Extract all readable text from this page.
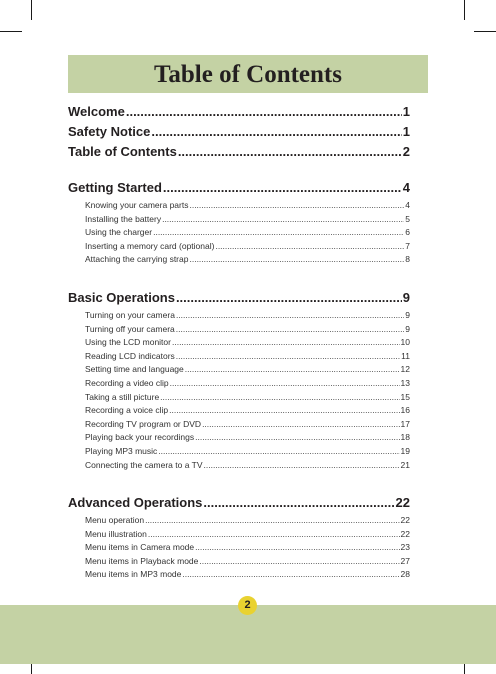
Table of Contents
Welcome .....	1
Safety Notice .....	1
Table of Contents .....	2
Getting Started .....	4
Knowing your camera parts .....	4
Installing the battery .....	5
Using the charger .....	6
Inserting a memory card (optional) .....	7
Attaching the carrying strap .....	8
Basic Operations .....	9
Turning on your camera .....	9
Turning off your camera .....	9
Using the LCD monitor .....	10
Reading LCD indicators .....	11
Setting time and language .....	12
Recording a video clip .....	13
Taking a still picture .....	15
Recording a voice clip .....	16
Recording TV program or DVD .....	17
Playing back your recordings .....	18
Playing MP3 music .....	19
Connecting the camera to a TV .....	21
Advanced Operations .....	22
Menu operation .....	22
Menu illustration .....	22
Menu items in Camera mode .....	23
Menu items in Playback mode .....	27
Menu items in MP3 mode .....	28
2
